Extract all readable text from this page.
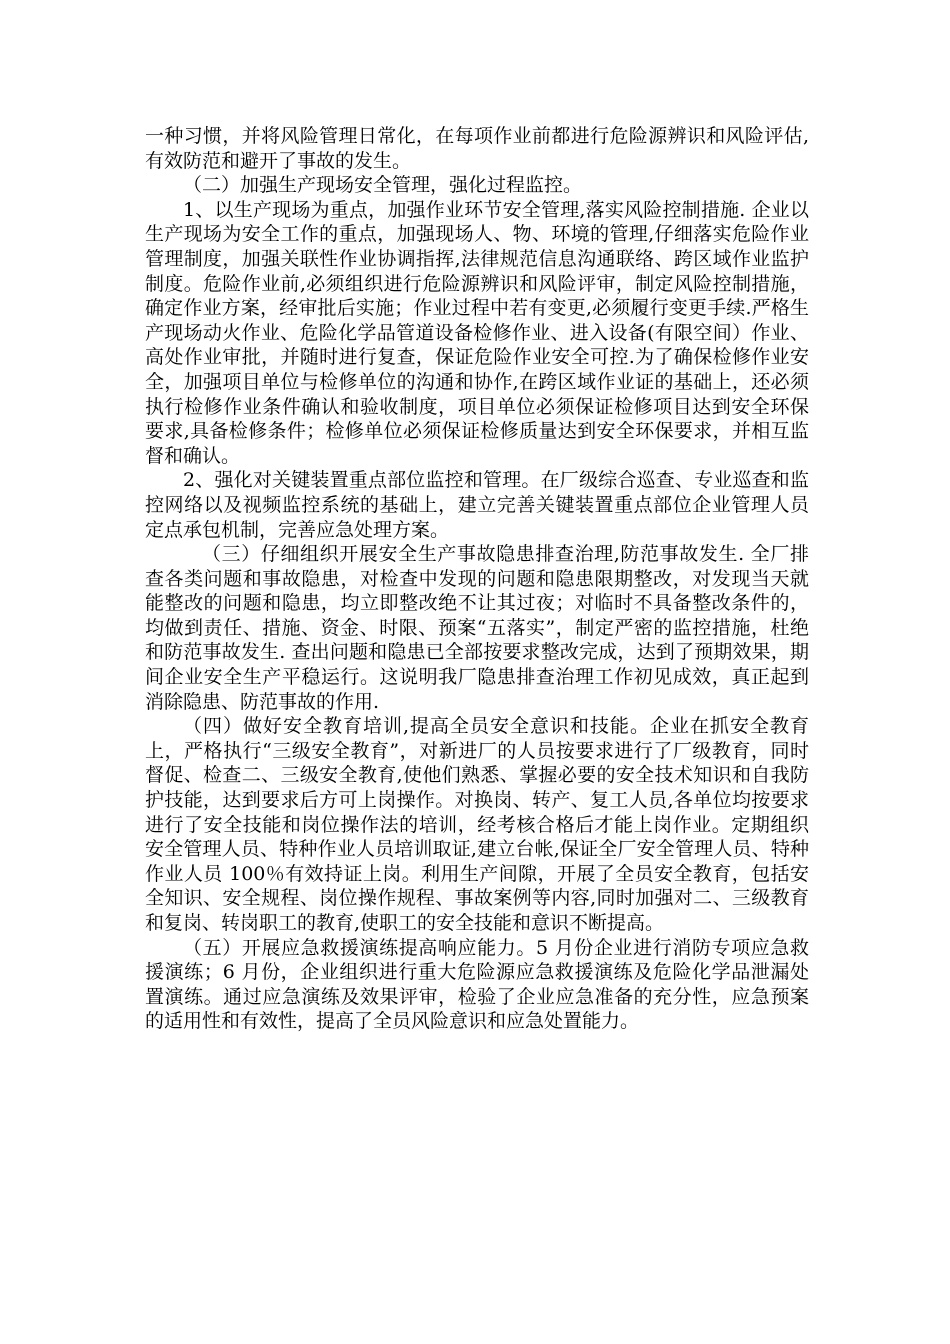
一种习惯，并将风险管理日常化，在每项作业前都进行危险源辨识和风险评估,有效防范和避开了事故的发生。

（二）加强生产现场安全管理，强化过程监控。

1、以生产现场为重点，加强作业环节安全管理,落实风险控制措施. 企业以生产现场为安全工作的重点，加强现场人、物、环境的管理,仔细落实危险作业管理制度，加强关联性作业协调指挥,法律规范信息沟通联络、跨区域作业监护制度。危险作业前,必须组织进行危险源辨识和风险评审，制定风险控制措施，确定作业方案，经审批后实施；作业过程中若有变更,必须履行变更手续.严格生产现场动火作业、危险化学品管道设备检修作业、进入设备(有限空间）作业、高处作业审批，并随时进行复查，保证危险作业安全可控.为了确保检修作业安全，加强项目单位与检修单位的沟通和协作,在跨区域作业证的基础上，还必须执行检修作业条件确认和验收制度，项目单位必须保证检修项目达到安全环保要求,具备检修条件；检修单位必须保证检修质量达到安全环保要求，并相互监督和确认。

2、强化对关键装置重点部位监控和管理。在厂级综合巡查、专业巡查和监控网络以及视频监控系统的基础上，建立完善关键装置重点部位企业管理人员定点承包机制，完善应急处理方案。

（三）仔细组织开展安全生产事故隐患排查治理,防范事故发生. 全厂排查各类问题和事故隐患，对检查中发现的问题和隐患限期整改，对发现当天就能整改的问题和隐患，均立即整改绝不让其过夜；对临时不具备整改条件的，均做到责任、措施、资金、时限、预案“五落实”，制定严密的监控措施，杜绝和防范事故发生. 查出问题和隐患已全部按要求整改完成，达到了预期效果，期间企业安全生产平稳运行。这说明我厂隐患排查治理工作初见成效，真正起到消除隐患、防范事故的作用.

（四）做好安全教育培训,提高全员安全意识和技能。企业在抓安全教育上，严格执行“三级安全教育”，对新进厂的人员按要求进行了厂级教育，同时督促、检查二、三级安全教育,使他们熟悉、掌握必要的安全技术知识和自我防护技能，达到要求后方可上岗操作。对换岗、转产、复工人员,各单位均按要求进行了安全技能和岗位操作法的培训，经考核合格后才能上岗作业。定期组织安全管理人员、特种作业人员培训取证,建立台帐,保证全厂安全管理人员、特种作业人员 100％有效持证上岗。利用生产间隙，开展了全员安全教育，包括安全知识、安全规程、岗位操作规程、事故案例等内容,同时加强对二、三级教育和复岗、转岗职工的教育,使职工的安全技能和意识不断提高。

（五）开展应急救援演练提高响应能力。5 月份企业进行消防专项应急救援演练；6 月份，企业组织进行重大危险源应急救援演练及危险化学品泄漏处置演练。通过应急演练及效果评审，检验了企业应急准备的充分性，应急预案的适用性和有效性，提高了全员风险意识和应急处置能力。
